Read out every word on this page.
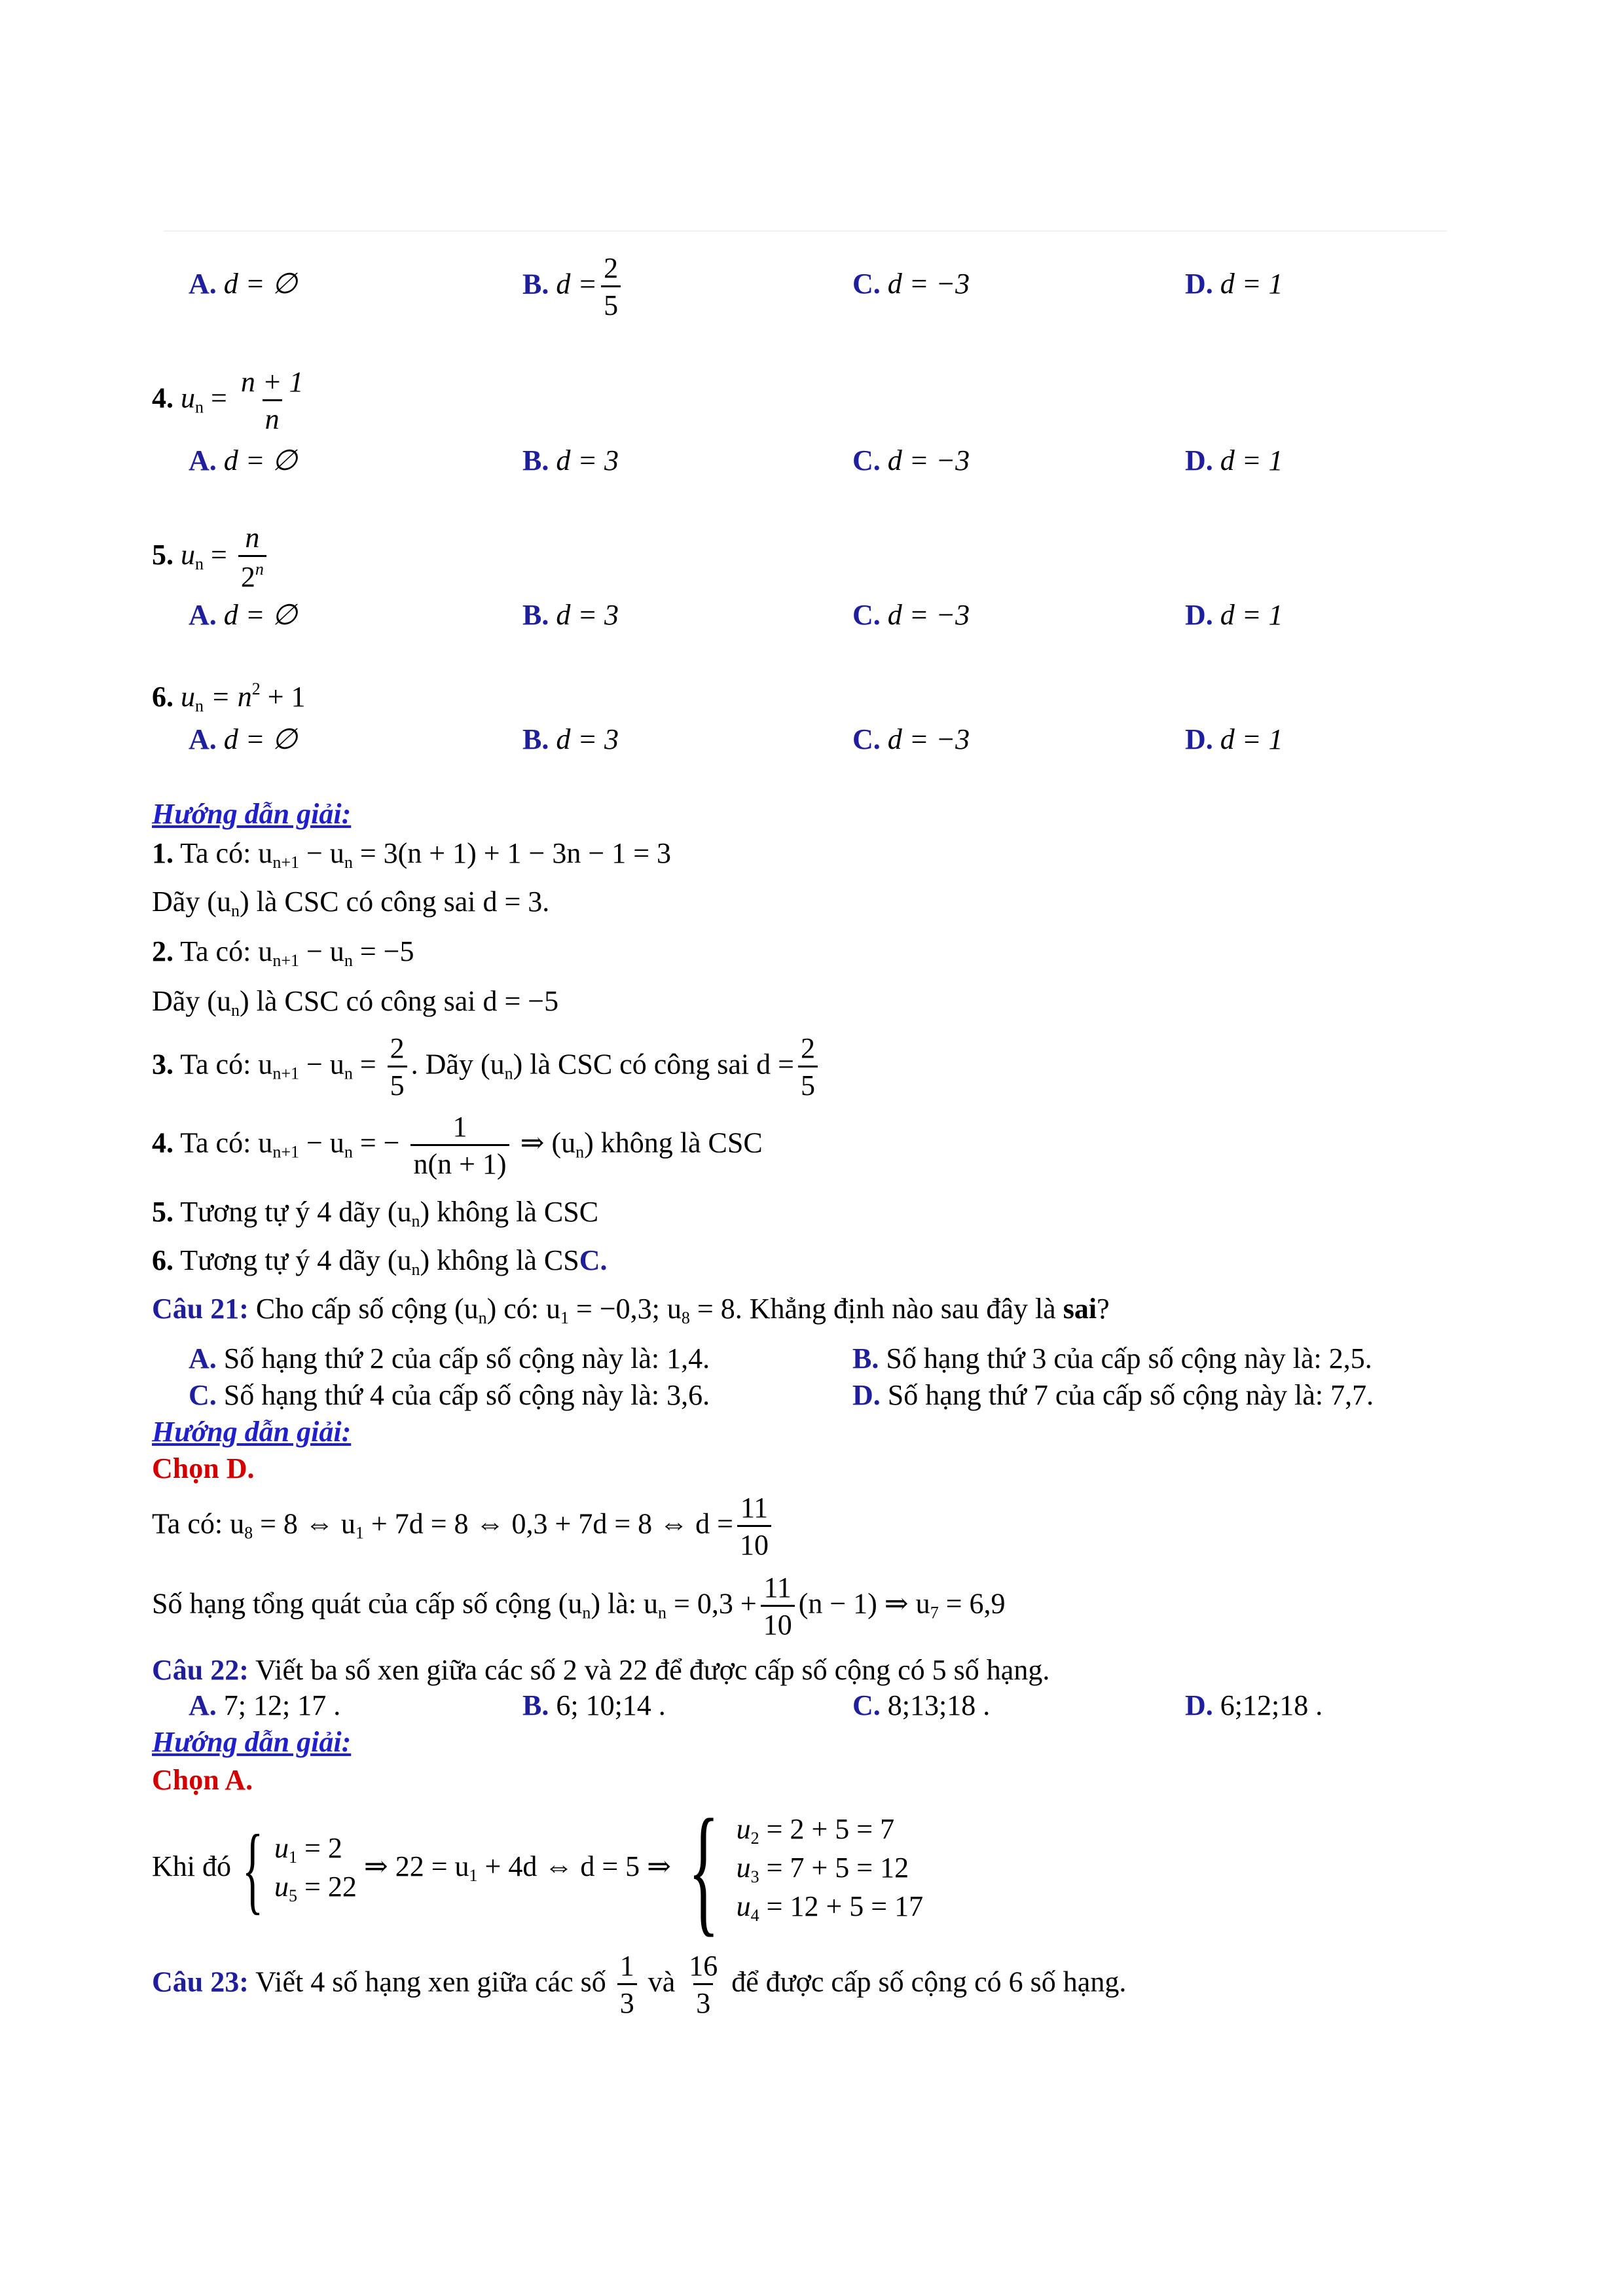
A. d = ∅	B. $d = \frac{2}{5}$	C. d = −3	D. d = 1
4. $u_n = \frac{n + 1}{n}$
A. d = ∅	B. d = 3	C. d = −3	D. d = 1
5. $u_n = \frac{n}{2^n}$
A. d = ∅	B. d = 3	C. d = −3	D. d = 1
6. $u_n = n^2 + 1$
A. d = ∅	B. d = 3	C. d = −3	D. d = 1
Hướng dẫn giải:
1. Ta có: $u_{n+1} - u_n = 3(n + 1) + 1 - 3n - 1 = 3$
Dãy $(u_n)$ là CSC có công sai d = 3.
2. Ta có: $u_{n+1} - u_n = -5$
Dãy $(u_n)$ là CSC có công sai d = −5
3. Ta có: $u_{n+1} - u_n = \frac{2}{5}$ . Dãy $(u_n)$ là CSC có công sai $d = \frac{2}{5}$
4. Ta có: $u_{n+1} - u_n$ = − $\frac{1}{n(n + 1)}$ ⇒ $(u_n)$ không là CSC
5. Tương tự ý 4 dãy $(u_n)$ không là CSC
6. Tương tự ý 4 dãy $(u_n)$ không là CSC.
Câu 21: Cho cấp số cộng $(u_n)$ có: $u_1 = -0,3$; $u_8 = 8$. Khẳng định nào sau đây là sai?
A. Số hạng thứ 2 của cấp số cộng này là: 1,4.	B. Số hạng thứ 3 của cấp số cộng này là: 2,5.
C. Số hạng thứ 4 của cấp số cộng này là: 3,6.	D. Số hạng thứ 7 của cấp số cộng này là: 7,7.
Hướng dẫn giải:
Chọn D.
Ta có: $u_8 = 8$ ⇔ $u_1 + 7d = 8$ ⇔ 0,3 + 7d = 8 ⇔ $d = \frac{11}{10}$
Số hạng tổng quát của cấp số cộng $(u_n)$ là: $u_n = 0,3 + \frac{11}{10} (n - 1)$ ⇒ $u_7 = 6,9$
Câu 22: Viết ba số xen giữa các số 2 và 22 để được cấp số cộng có 5 số hạng.
A. 7; 12; 17 .	B. 6; 10;14 .	C. 8;13;18 .	D. 6;12;18 .
Hướng dẫn giải:
Chọn A.
Khi đó { $u_1 = 2$
$u_5 = 22$
⇒ $22 = u_1 + 4d$ ⇔ d = 5 ⇒ { $u_2 = 2 + 5 = 7$
$u_3 = 7 + 5 = 12$
$u_4 = 12 + 5 = 17$
Câu 23: Viết 4 số hạng xen giữa các số $\frac{1}{3}$ và $\frac{16}{3}$ để được cấp số cộng có 6 số hạng.
